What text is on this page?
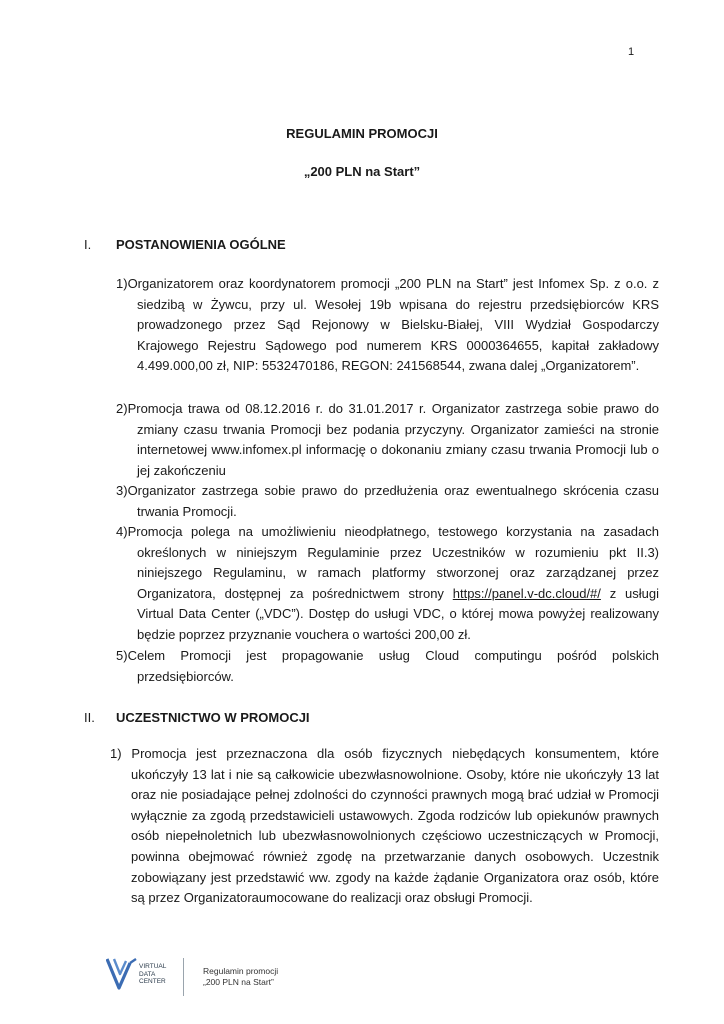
1
REGULAMIN PROMOCJI
„200 PLN na Start”
I. POSTANOWIENIA OGÓLNE
1)Organizatorem oraz koordynatorem promocji „200 PLN na Start” jest Infomex Sp. z o.o. z siedzibą w Żywcu, przy ul. Wesołej 19b wpisana do rejestru przedsiębiorców KRS prowadzonego przez Sąd Rejonowy w Bielsku-Białej, VIII Wydział Gospodarczy Krajowego Rejestru Sądowego pod numerem KRS 0000364655, kapitał zakładowy 4.499.000,00 zł, NIP: 5532470186, REGON: 241568544, zwana dalej „Organizatorem”.
2)Promocja trawa od 08.12.2016 r. do 31.01.2017 r. Organizator zastrzega sobie prawo do zmiany czasu trwania Promocji bez podania przyczyny. Organizator zamieści na stronie internetowej www.infomex.pl informację o dokonaniu zmiany czasu trwania Promocji lub o jej zakończeniu
3)Organizator zastrzega sobie prawo do przedłużenia oraz ewentualnego skrócenia czasu trwania Promocji.
4)Promocja polega na umożliwieniu nieodpłatnego, testowego korzystania na zasadach określonych w niniejszym Regulaminie przez Uczestników w rozumieniu pkt II.3) niniejszego Regulaminu, w ramach platformy stworzonej oraz zarządzanej przez Organizatora, dostępnej za pośrednictwem strony https://panel.v-dc.cloud/#/ z usługi Virtual Data Center („VDC”). Dostęp do usługi VDC, o której mowa powyżej realizowany będzie poprzez przyznanie vouchera o wartości 200,00 zł.
5)Celem Promocji jest propagowanie usług Cloud computingu pośród polskich przedsiębiorców.
II. UCZESTNICTWO W PROMOCJI
1) Promocja jest przeznaczona dla osób fizycznych niebędących konsumentem, które ukończyły 13 lat i nie są całkowicie ubezwłasnowolnione. Osoby, które nie ukończyły 13 lat oraz nie posiadające pełnej zdolności do czynności prawnych mogą brać udział w Promocji wyłącznie za zgodą przedstawicieli ustawowych. Zgoda rodziców lub opiekunów prawnych osób niepełnoletnich lub ubezwłasnowolnionych częściowo uczestniczących w Promocji, powinna obejmować również zgodę na przetwarzanie danych osobowych. Uczestnik zobowiązany jest przedstawić ww. zgody na każde żądanie Organizatora oraz osób, które są przez Organizatoraumocowane do realizacji oraz obsługi Promocji.
VIRTUAL
DATA
CENTER
Regulamin promocji
„200 PLN na Start”
